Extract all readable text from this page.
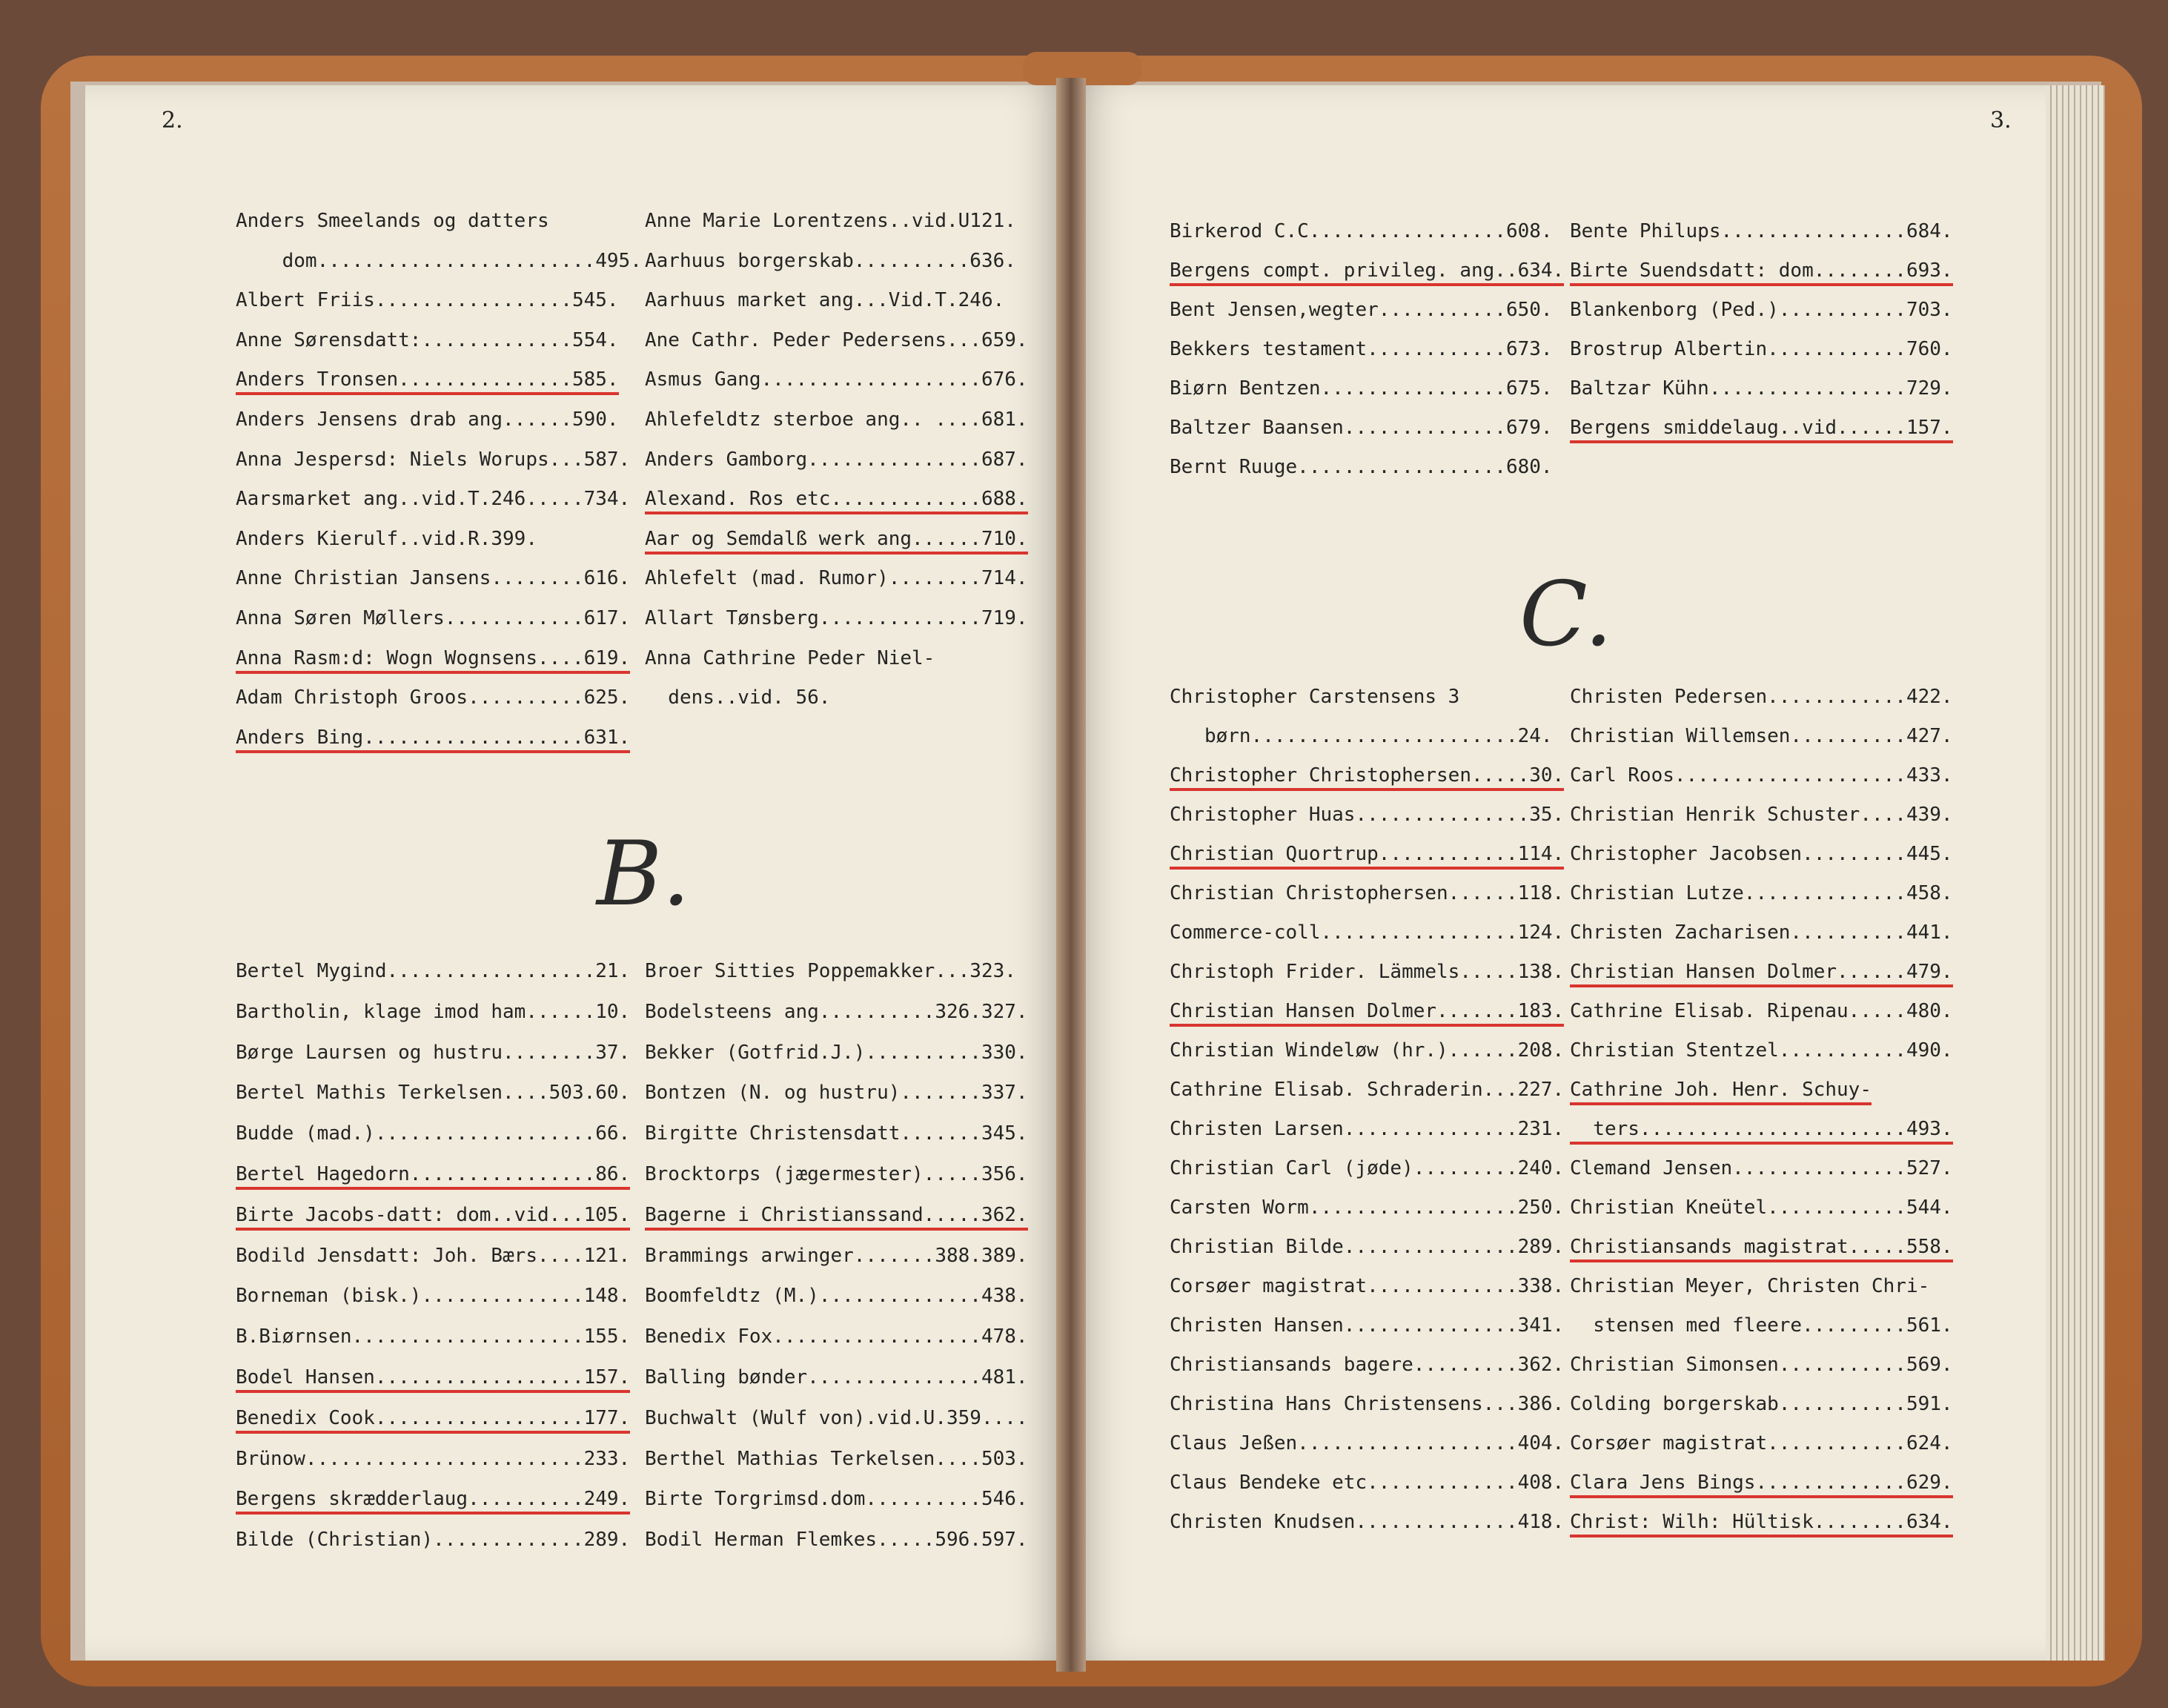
2.	3.
B.
C.
Anders Smeelands og datters
dom........................495.
Albert Friis.................545.
Anne Sørensdatt:.............554.
Anders Tronsen...............585.
Anders Jensens drab ang......590.
Anna Jespersd: Niels Worups...587.
Aarsmarket ang..vid.T.246.....734.
Anders Kierulf..vid.R.399.
Anne Christian Jansens........616.
Anna Søren Møllers............617.
Anna Rasm:d: Wogn Wognsens....619.
Adam Christoph Groos..........625.
Anders Bing...................631.
Anne Marie Lorentzens..vid.U121.
Aarhuus borgerskab..........636.
Aarhuus market ang...Vid.T.246.
Ane Cathr. Peder Pedersens...659.
Asmus Gang...................676.
Ahlefeldtz sterboe ang.. ....681.
Anders Gamborg...............687.
Alexand. Ros etc.............688.
Aar og Semdalß werk ang......710.
Ahlefelt (mad. Rumor)........714.
Allart Tønsberg..............719.
Anna Cathrine Peder Niel-
dens..vid. 56.
Bertel Mygind..................21.
Bartholin, klage imod ham......10.
Børge Laursen og hustru........37.
Bertel Mathis Terkelsen....503.60.
Budde (mad.)...................66.
Bertel Hagedorn................86.
Birte Jacobs-datt: dom..vid...105.
Bodild Jensdatt: Joh. Bærs....121.
Borneman (bisk.)..............148.
B.Biørnsen....................155.
Bodel Hansen..................157.
Benedix Cook..................177.
Brünow........................233.
Bergens skrædderlaug..........249.
Bilde (Christian).............289.
Broer Sitties Poppemakker...323.
Bodelsteens ang..........326.327.
Bekker (Gotfrid.J.)..........330.
Bontzen (N. og hustru).......337.
Birgitte Christensdatt.......345.
Brocktorps (jægermester).....356.
Bagerne i Christianssand.....362.
Brammings arwinger.......388.389.
Boomfeldtz (M.)..............438.
Benedix Fox..................478.
Balling bønder...............481.
Buchwalt (Wulf von).vid.U.359....
Berthel Mathias Terkelsen....503.
Birte Torgrimsd.dom..........546.
Bodil Herman Flemkes.....596.597.
Birkerod C.C.................608.
Bergens compt. privileg. ang..634.
Bent Jensen,wegter...........650.
Bekkers testament............673.
Biørn Bentzen................675.
Baltzer Baansen..............679.
Bernt Ruuge..................680.
Bente Philups................684.
Birte Suendsdatt: dom........693.
Blankenborg (Ped.)...........703.
Brostrup Albertin............760.
Baltzar Kühn.................729.
Bergens smiddelaug..vid......157.
Christopher Carstensens 3
børn.......................24.
Christopher Christophersen.....30.
Christopher Huas...............35.
Christian Quortrup............114.
Christian Christophersen......118.
Commerce-coll.................124.
Christoph Frider. Lämmels.....138.
Christian Hansen Dolmer.......183.
Christian Windeløw (hr.)......208.
Cathrine Elisab. Schraderin...227.
Christen Larsen...............231.
Christian Carl (jøde).........240.
Carsten Worm..................250.
Christian Bilde...............289.
Corsøer magistrat.............338.
Christen Hansen...............341.
Christiansands bagere.........362.
Christina Hans Christensens...386.
Claus Jeßen...................404.
Claus Bendeke etc.............408.
Christen Knudsen..............418.
Christen Pedersen............422.
Christian Willemsen..........427.
Carl Roos....................433.
Christian Henrik Schuster....439.
Christopher Jacobsen.........445.
Christian Lutze..............458.
Christen Zacharisen..........441.
Christian Hansen Dolmer......479.
Cathrine Elisab. Ripenau.....480.
Christian Stentzel...........490.
Cathrine Joh. Henr. Schuy-
ters.......................493.
Clemand Jensen...............527.
Christian Kneütel............544.
Christiansands magistrat.....558.
Christian Meyer, Christen Chri-
stensen med fleere.........561.
Christian Simonsen...........569.
Colding borgerskab...........591.
Corsøer magistrat............624.
Clara Jens Bings.............629.
Christ: Wilh: Hültisk........634.
